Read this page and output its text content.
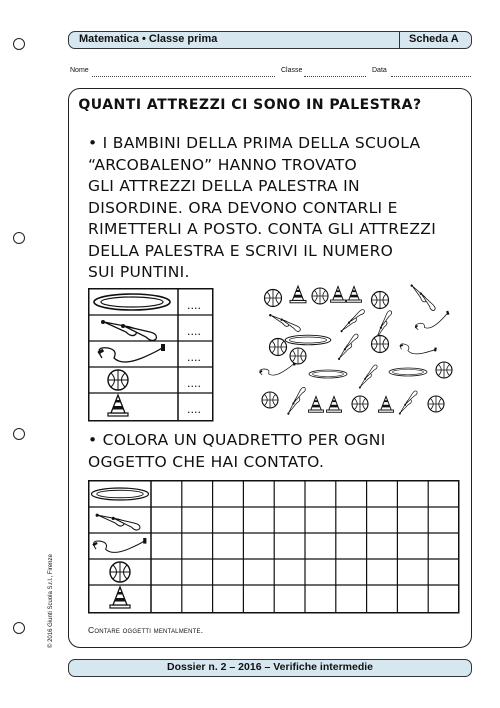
Matematica • Classe prima	Scheda A
Nome	Classe	Data
QUANTI ATTREZZI CI SONO IN PALESTRA?
• I BAMBINI DELLA PRIMA DELLA SCUOLA
“ARCOBALENO” HANNO TROVATO
GLI ATTREZZI DELLA PALESTRA IN
DISORDINE. ORA DEVONO CONTARLI E
RIMETTERLI A POSTO. CONTA GLI ATTREZZI
DELLA PALESTRA E SCRIVI IL NUMERO
SUI PUNTINI.
....
....
....
....
....
• COLORA UN QUADRETTO PER OGNI
OGGETTO CHE HAI CONTATO.
Contare oggetti mentalmente.
© 2016 Giunti Scuola S.r.l., Firenze
Dossier n. 2 – 2016 – Verifiche intermedie
